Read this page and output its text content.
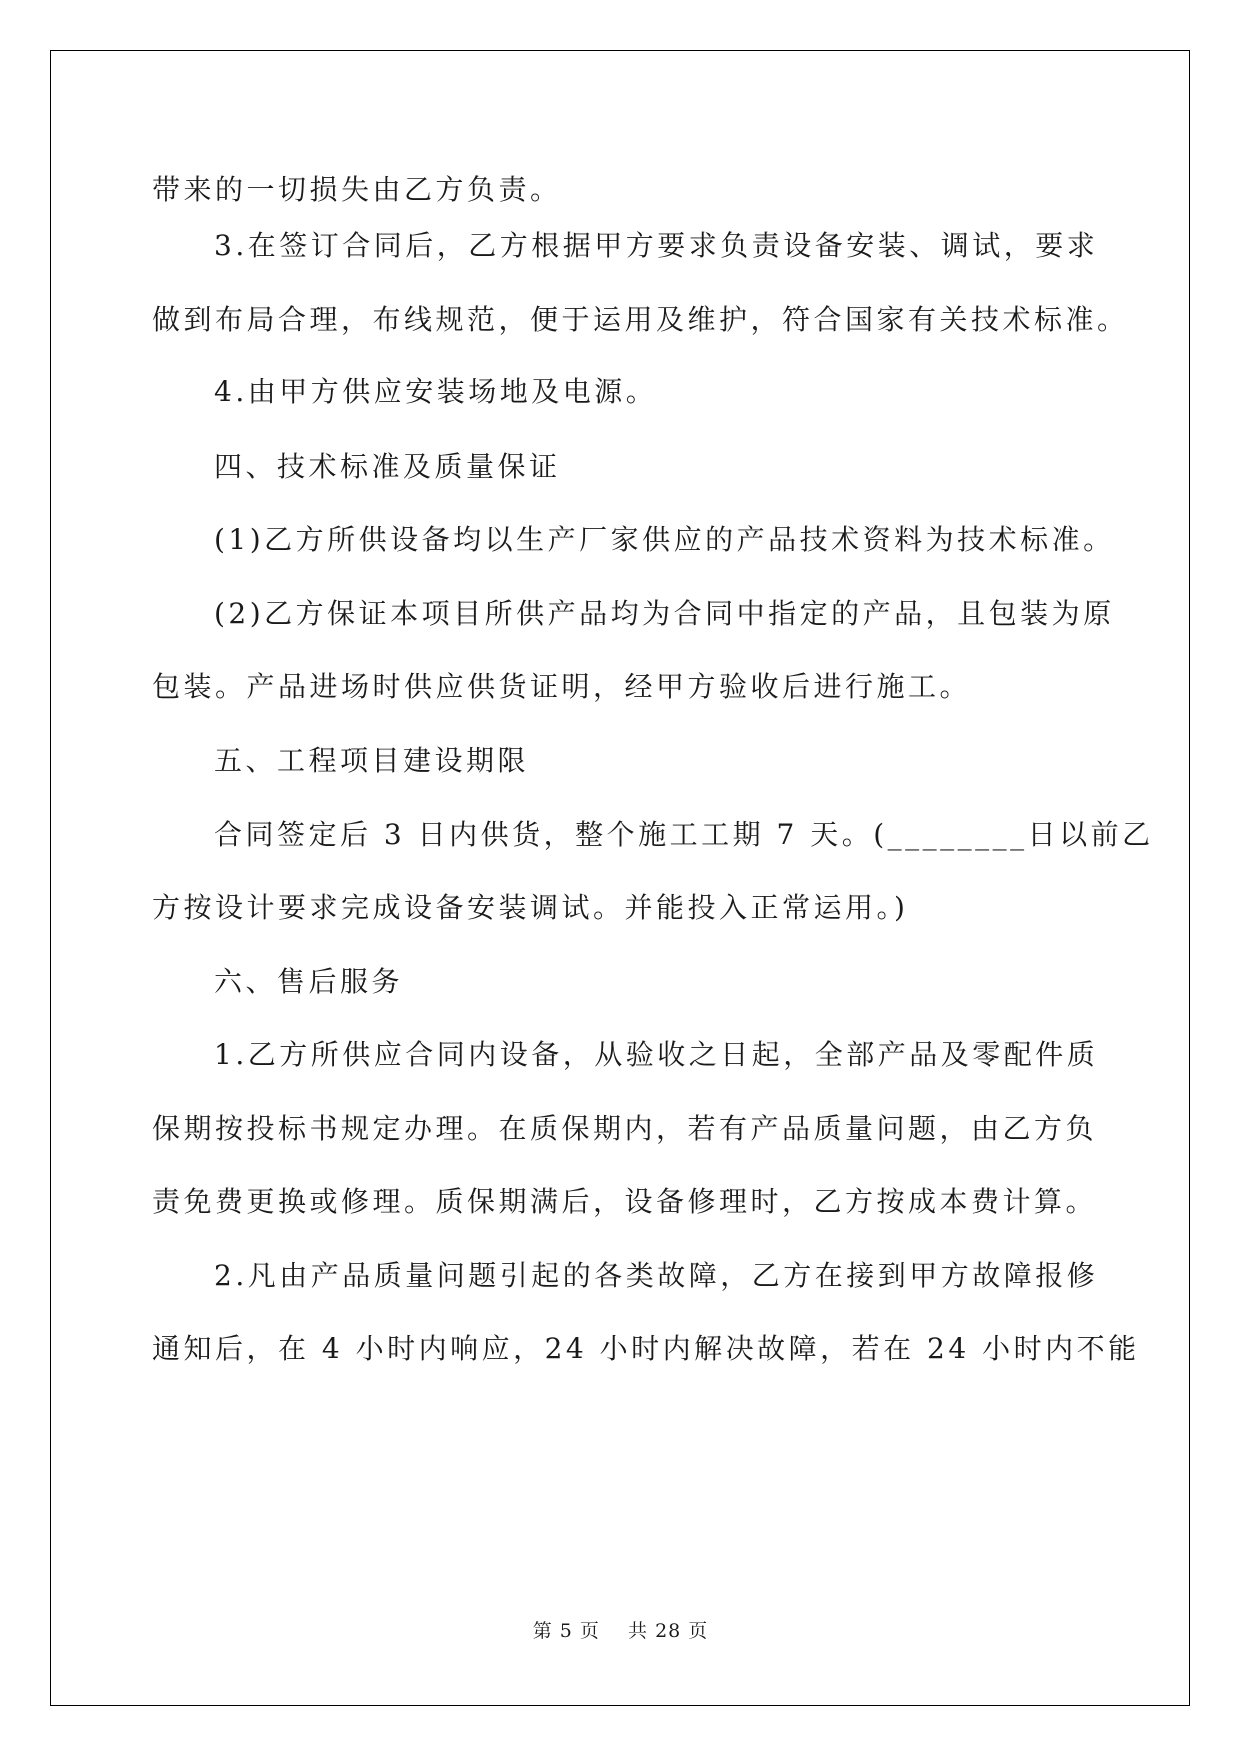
带来的一切损失由乙方负责。
3.在签订合同后，乙方根据甲方要求负责设备安装、调试，要求
做到布局合理，布线规范，便于运用及维护，符合国家有关技术标准。
4.由甲方供应安装场地及电源。
四、技术标准及质量保证
(1)乙方所供设备均以生产厂家供应的产品技术资料为技术标准。
(2)乙方保证本项目所供产品均为合同中指定的产品，且包装为原
包装。产品进场时供应供货证明，经甲方验收后进行施工。
五、工程项目建设期限
合同签定后 3 日内供货，整个施工工期 7 天。(________日以前乙
方按设计要求完成设备安装调试。并能投入正常运用。)
六、售后服务
1.乙方所供应合同内设备，从验收之日起，全部产品及零配件质
保期按投标书规定办理。在质保期内，若有产品质量问题，由乙方负
责免费更换或修理。质保期满后，设备修理时，乙方按成本费计算。
2.凡由产品质量问题引起的各类故障，乙方在接到甲方故障报修
通知后，在 4 小时内响应，24 小时内解决故障，若在 24 小时内不能
第 5 页    共 28 页
